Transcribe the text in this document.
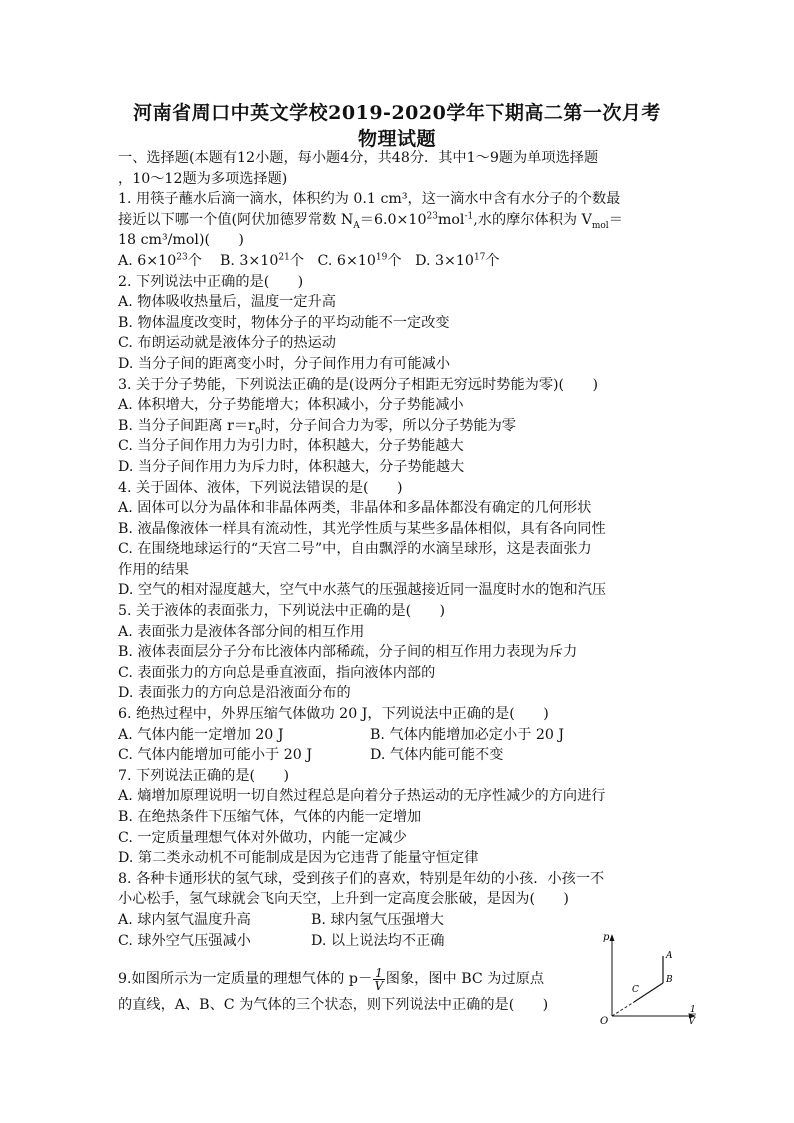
河南省周口中英文学校2019-2020学年下期高二第一次月考
物理试题
一、选择题(本题有12小题，每小题4分，共48分．其中1～9题为单项选择题
，10～12题为多项选择题)
1. 用筷子蘸水后滴一滴水，体积约为 0.1 cm³，这一滴水中含有水分子的个数最
接近以下哪一个值(阿伏加德罗常数 $N_A=6.0\times 10^{23}mol^{-1}$,水的摩尔体积为 $V_{mol}=$
18 cm³/mol)(　　)
A. $6\times 10^{23}$个 B. $3\times 10^{21}$个 C. $6\times 10^{19}$个 D. $3\times 10^{17}$个
2. 下列说法中正确的是(　　)
A. 物体吸收热量后，温度一定升高
B. 物体温度改变时，物体分子的平均动能不一定改变
C. 布朗运动就是液体分子的热运动
D. 当分子间的距离变小时，分子间作用力有可能减小
3. 关于分子势能，下列说法正确的是(设两分子相距无穷远时势能为零)(　　)
A. 体积增大，分子势能增大；体积减小，分子势能减小
B. 当分子间距离 $r=r_0$时，分子间合力为零，所以分子势能为零
C. 当分子间作用力为引力时，体积越大，分子势能越大
D. 当分子间作用力为斥力时，体积越大，分子势能越大
4. 关于固体、液体，下列说法错误的是(　　)
A. 固体可以分为晶体和非晶体两类，非晶体和多晶体都没有确定的几何形状
B. 液晶像液体一样具有流动性，其光学性质与某些多晶体相似，具有各向同性
C. 在围绕地球运行的“天宫二号”中，自由飘浮的水滴呈球形，这是表面张力
作用的结果
D. 空气的相对湿度越大，空气中水蒸气的压强越接近同一温度时水的饱和汽压
5. 关于液体的表面张力，下列说法中正确的是(　　)
A. 表面张力是液体各部分间的相互作用
B. 液体表面层分子分布比液体内部稀疏，分子间的相互作用力表现为斥力
C. 表面张力的方向总是垂直液面，指向液体内部的
D. 表面张力的方向总是沿液面分布的
6. 绝热过程中，外界压缩气体做功 20 J，下列说法中正确的是(　　)
A. 气体内能一定增加 20 J	B. 气体内能增加必定小于 20 J
C. 气体内能增加可能小于 20 J	D. 气体内能可能不变
7. 下列说法正确的是(　　)
A. 熵增加原理说明一切自然过程总是向着分子热运动的无序性减少的方向进行
B. 在绝热条件下压缩气体，气体的内能一定增加
C. 一定质量理想气体对外做功，内能一定减少
D. 第二类永动机不可能制成是因为它违背了能量守恒定律
8. 各种卡通形状的氢气球，受到孩子们的喜欢，特别是年幼的小孩．小孩一不
小心松手，氢气球就会飞向天空，上升到一定高度会胀破，是因为(　　)
A. 球内氢气温度升高	B. 球内氢气压强增大
C. 球外空气压强减小	D. 以上说法均不正确
9.如图所示为一定质量的理想气体的 $p- \frac{1}{V}$ 图象，图中 BC 为过原点
的直线，A、B、C 为气体的三个状态，则下列说法中正确的是(　　)
p
O
A
B
C
1
V
